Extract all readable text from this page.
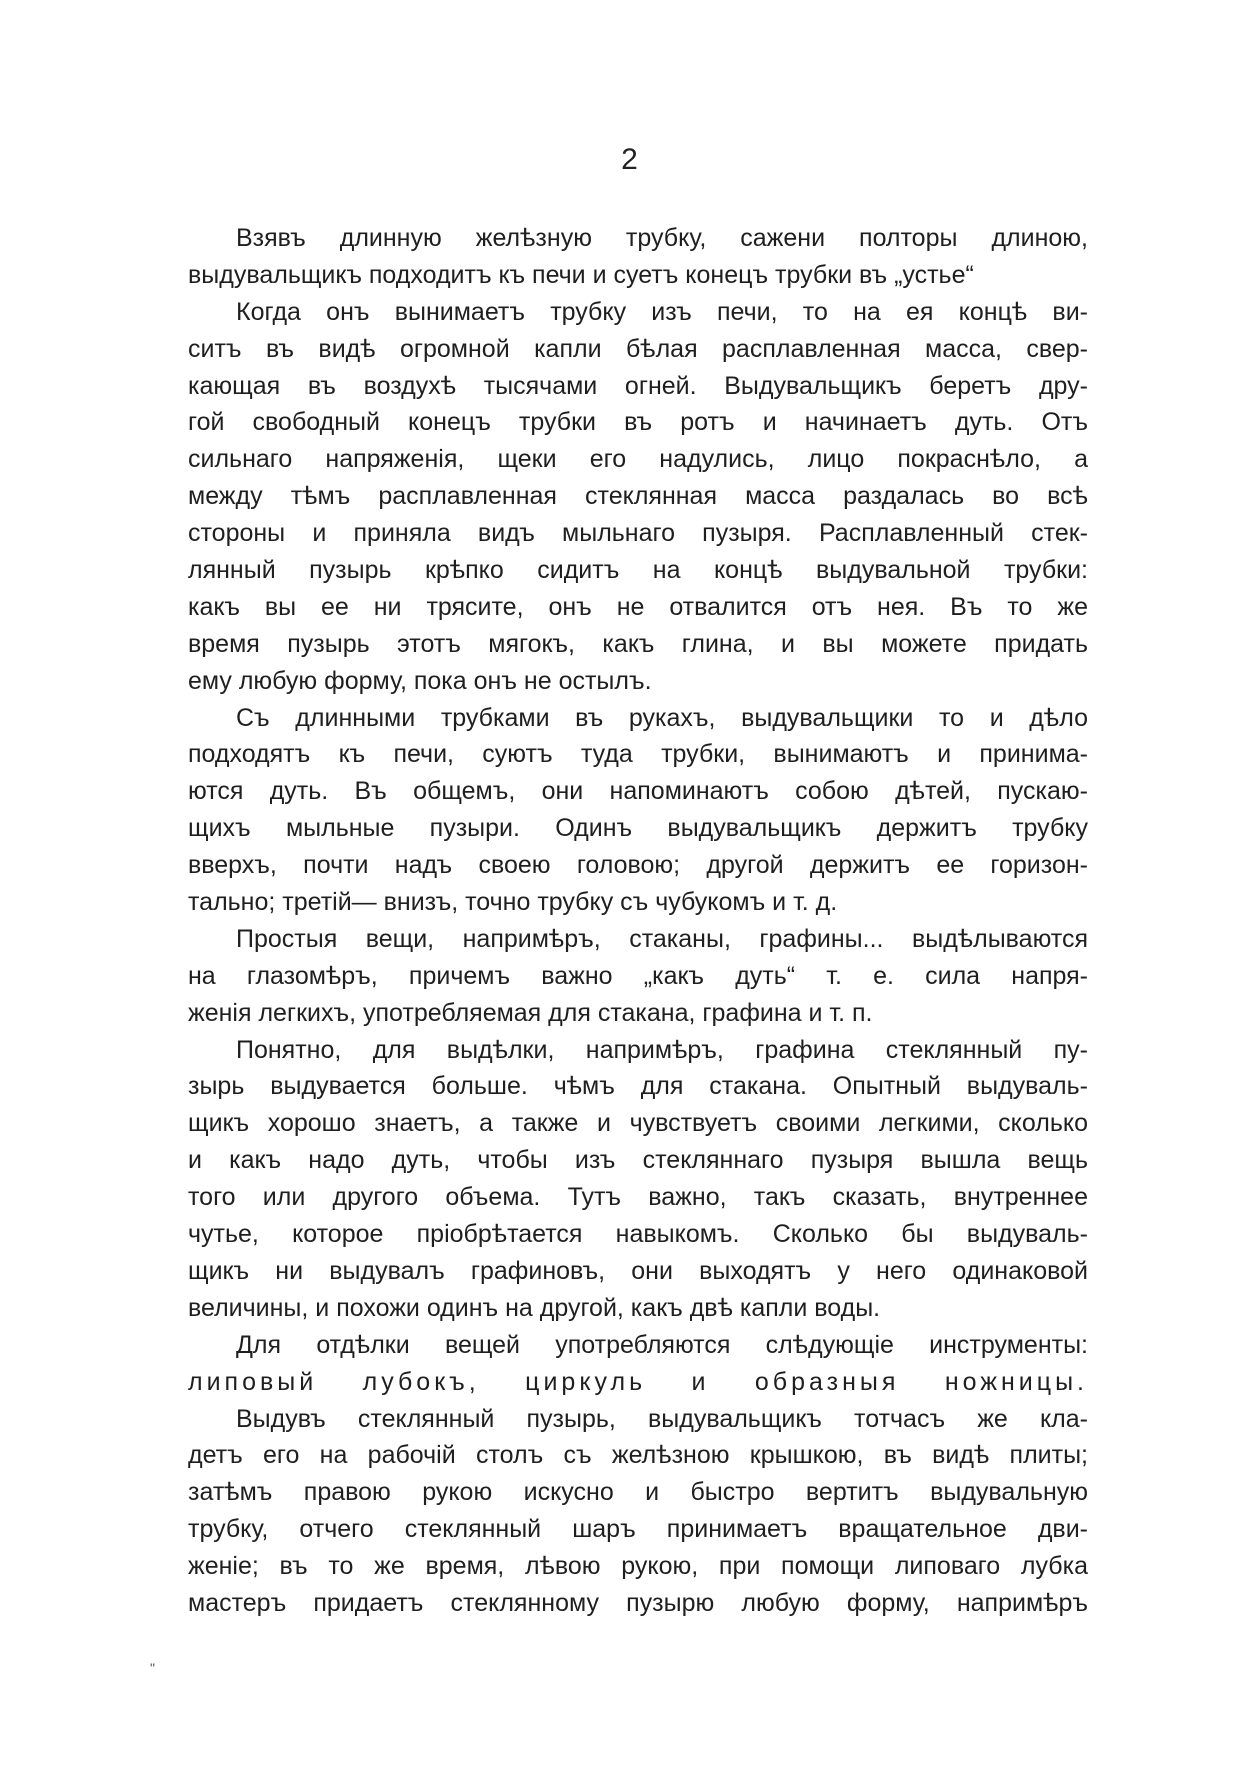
2
Взявъ длинную желѣзную трубку, сажени полторы длиною,
выдувальщикъ подходитъ къ печи и суетъ конецъ трубки въ „устье“
Когда онъ вынимаетъ трубку изъ печи, то на ея концѣ ви-
ситъ въ видѣ огромной капли бѣлая расплавленная масса, свер-
кающая въ воздухѣ тысячами огней. Выдувальщикъ беретъ дру-
гой свободный конецъ трубки въ ротъ и начинаетъ дуть. Отъ
сильнаго напряженія, щеки его надулись, лицо покраснѣло, а
между тѣмъ расплавленная стеклянная масса раздалась во всѣ
стороны и приняла видъ мыльнаго пузыря. Расплавленный стек-
лянный пузырь крѣпко сидитъ на концѣ выдувальной трубки:
какъ вы ее ни трясите, онъ не отвалится отъ нея. Въ то же
время пузырь этотъ мягокъ, какъ глина, и вы можете придать
ему любую форму, пока онъ не остылъ.
Съ длинными трубками въ рукахъ, выдувальщики то и дѣло
подходятъ къ печи, суютъ туда трубки, вынимаютъ и принима-
ются дуть. Въ общемъ, они напоминаютъ собою дѣтей, пускаю-
щихъ мыльные пузыри. Одинъ выдувальщикъ держитъ трубку
вверхъ, почти надъ своею головою; другой держитъ ее горизон-
тально; третій— внизъ, точно трубку съ чубукомъ и т. д.
Простыя вещи, напримѣръ, стаканы, графины... выдѣлываются
на глазомѣръ, причемъ важно „какъ дуть“ т. е. сила напря-
женія легкихъ, употребляемая для стакана, графина и т. п.
Понятно, для выдѣлки, напримѣръ, графина стеклянный пу-
зырь выдувается больше. чѣмъ для стакана. Опытный выдуваль-
щикъ хорошо знаетъ, а также и чувствуетъ своими легкими, сколько
и какъ надо дуть, чтобы изъ стекляннаго пузыря вышла вещь
того или другого объема. Тутъ важно, такъ сказать, внутреннее
чутье, которое пріобрѣтается навыкомъ. Сколько бы выдуваль-
щикъ ни выдувалъ графиновъ, они выходятъ у него одинаковой
величины, и похожи одинъ на другой, какъ двѣ капли воды.
Для отдѣлки вещей употребляются слѣдующіе инструменты:
липовый лубокъ, циркуль и образныя ножницы.
Выдувъ стеклянный пузырь, выдувальщикъ тотчасъ же кла-
детъ его на рабочій столъ съ желѣзною крышкою, въ видѣ плиты;
затѣмъ правою рукою искусно и быстро вертитъ выдувальную
трубку, отчего стеклянный шаръ принимаетъ вращательное дви-
женіе; въ то же время, лѣвою рукою, при помощи липоваго лубка
мастеръ придаетъ стеклянному пузырю любую форму, напримѣръ
"
